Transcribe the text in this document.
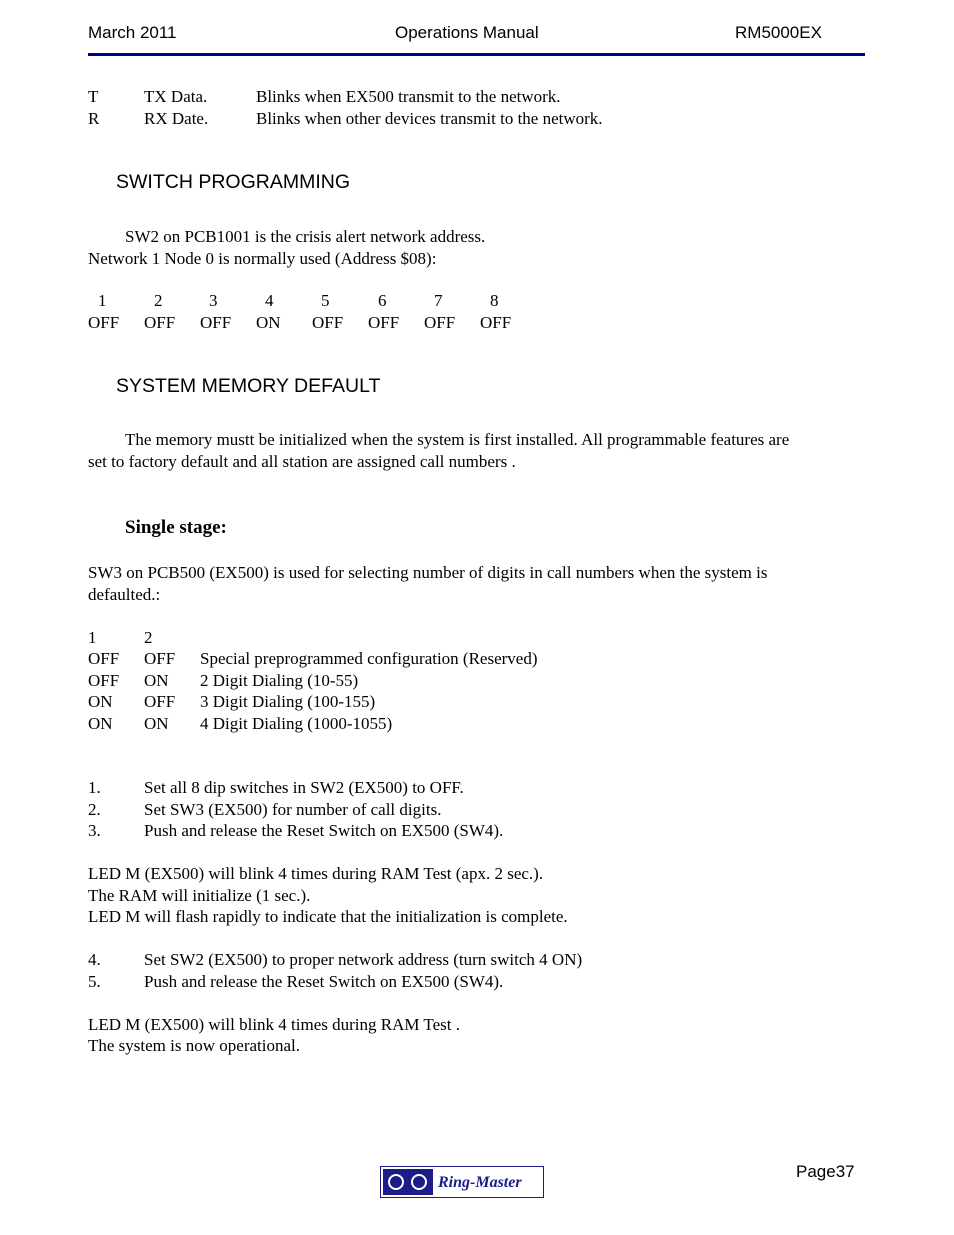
March 2011	Operations Manual	RM5000EX
T	TX Data.	Blinks when EX500 transmit to the network.
R	RX Date.	Blinks when other devices transmit to the network.
SWITCH PROGRAMMING
SW2 on PCB1001 is the crisis alert network address.
Network 1 Node 0 is normally used (Address $08):
1	2	3	4	5	6	7	8
OFF OFF OFF ON OFF OFF OFF OFF
SYSTEM MEMORY DEFAULT
The memory mustt be initialized when the system is first installed. All programmable features are
set to factory default and all station are assigned call numbers .
Single stage:
SW3 on PCB500 (EX500) is used for selecting number of digits in call numbers when the system is
defaulted.:
1	2
OFF OFF Special preprogrammed configuration (Reserved)
OFF ON 2 Digit Dialing (10-55)
ON OFF 3 Digit Dialing (100-155)
ON ON 4 Digit Dialing (1000-1055)
1.	Set all 8 dip switches in SW2 (EX500) to OFF.
2.	Set SW3 (EX500) for number of call digits.
3.	Push and release the Reset Switch on EX500 (SW4).
LED M (EX500) will blink 4 times during RAM Test (apx. 2 sec.).
The RAM will initialize (1 sec.).
LED M will flash rapidly to indicate that the initialization is complete.
4.	Set SW2 (EX500) to proper network address (turn switch 4 ON)
5.	Push and release the Reset Switch on EX500 (SW4).
LED M (EX500) will blink 4 times during RAM Test .
The system is now operational.
Page37
Ring-Master
